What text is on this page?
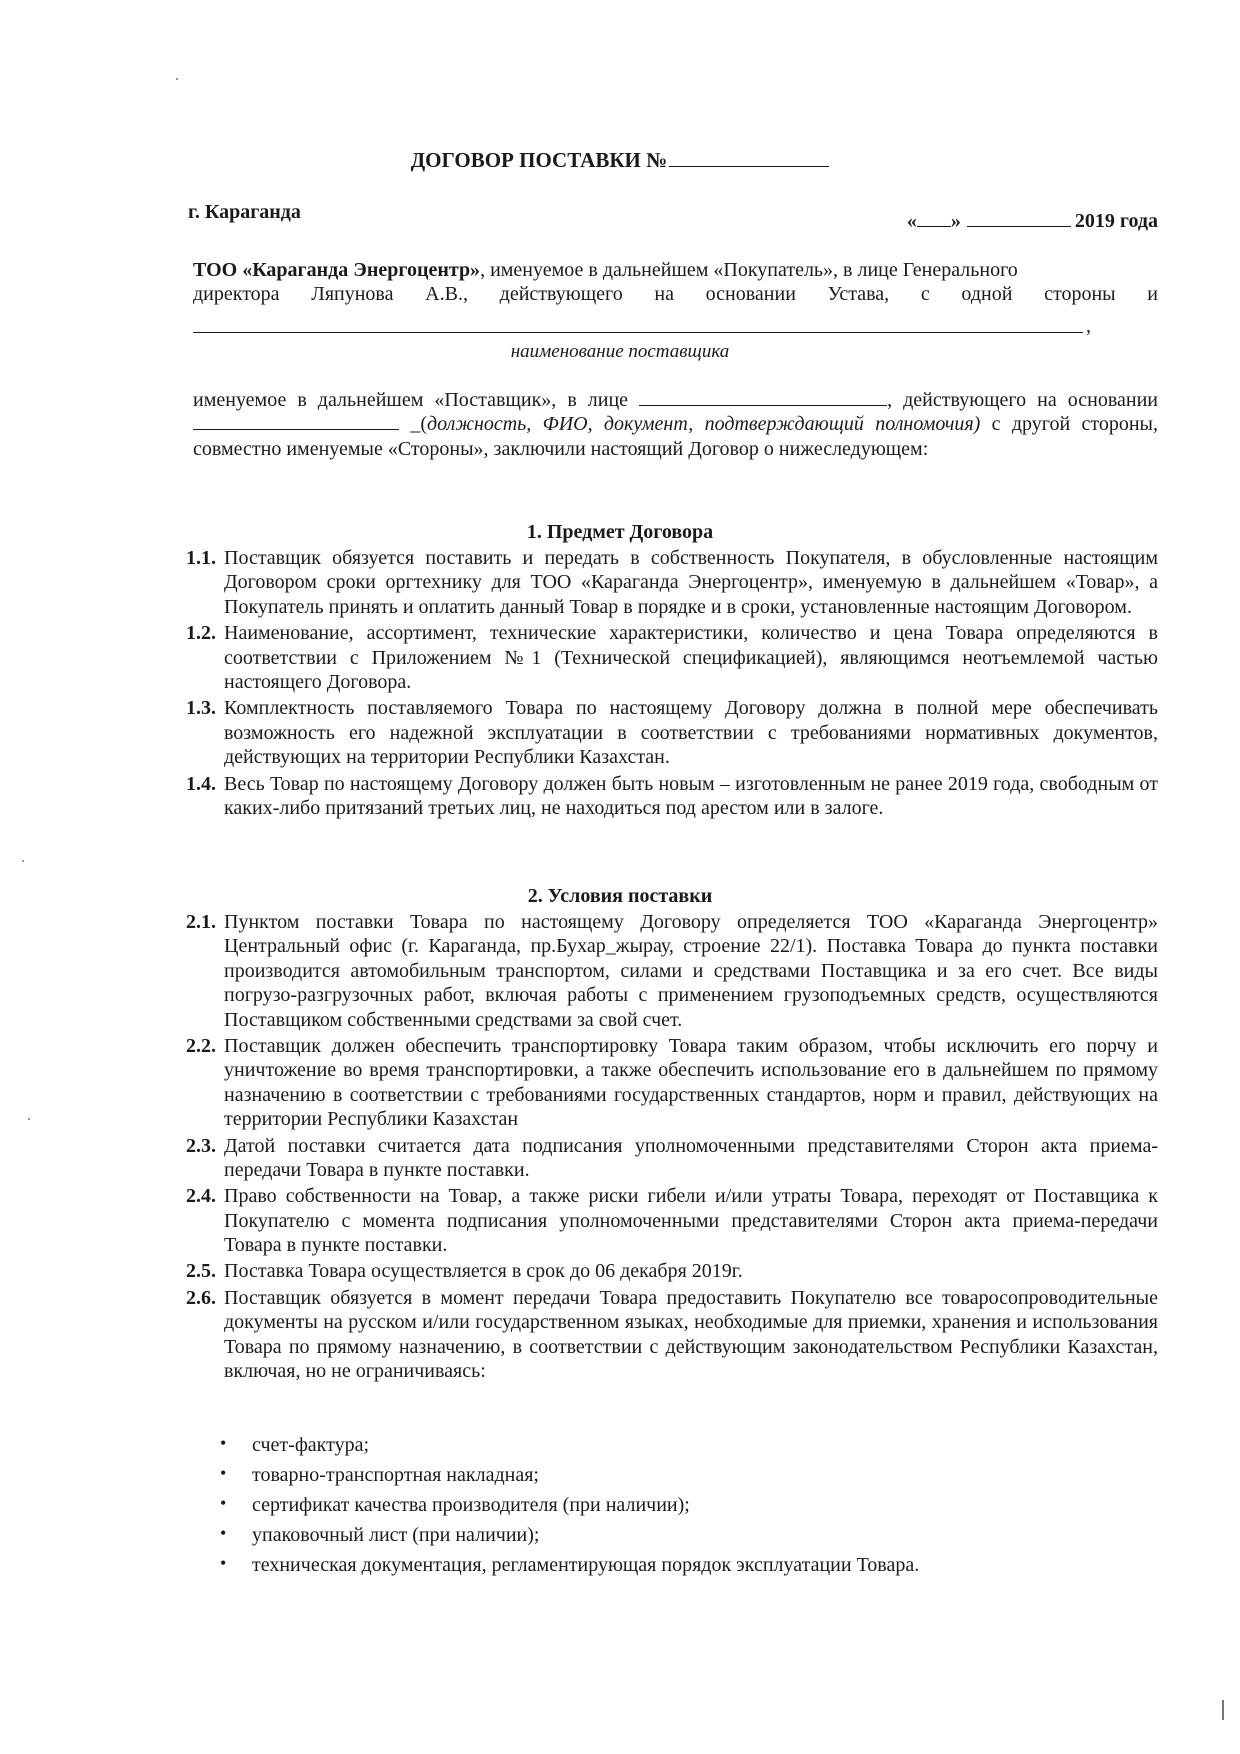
ДОГОВОР ПОСТАВКИ №
г. Караганда	« »	2019 года
ТОО «Караганда Энергоцентр», именуемое в дальнейшем «Покупатель», в лице Генерального
директора Ляпунова А.В., действующего на основании Устава, с одной стороны и
,
наименование поставщика
именуемое в дальнейшем «Поставщик», в лице	, действующего на основании  _(должность, ФИО, документ, подтверждающий полномочия) с другой стороны, совместно именуемые «Стороны», заключили настоящий Договор о нижеследующем:
1. Предмет Договора
1.1. Поставщик обязуется поставить и передать в собственность Покупателя, в обусловленные настоящим Договором сроки оргтехнику для ТОО «Караганда Энергоцентр», именуемую в дальнейшем «Товар», а Покупатель принять и оплатить данный Товар в порядке и в сроки, установленные настоящим Договором.
1.2. Наименование, ассортимент, технические характеристики, количество и цена Товара определяются в соответствии с Приложением №1 (Технической спецификацией), являющимся неотъемлемой частью настоящего Договора.
1.3. Комплектность поставляемого Товара по настоящему Договору должна в полной мере обеспечивать возможность его надежной эксплуатации в соответствии с требованиями нормативных документов, действующих на территории Республики Казахстан.
1.4. Весь Товар по настоящему Договору должен быть новым – изготовленным не ранее 2019 года, свободным от каких-либо притязаний третьих лиц, не находиться под арестом или в залоге.
2. Условия поставки
2.1. Пунктом поставки Товара по настоящему Договору определяется ТОО «Караганда Энергоцентр» Центральный офис (г. Караганда, пр.Бухар_жырау, строение 22/1). Поставка Товара до пункта поставки производится автомобильным транспортом, силами и средствами Поставщика и за его счет. Все виды погрузо-разгрузочных работ, включая работы с применением грузоподъемных средств, осуществляются Поставщиком собственными средствами за свой счет.
2.2. Поставщик должен обеспечить транспортировку Товара таким образом, чтобы исключить его порчу и уничтожение во время транспортировки, а также обеспечить использование его в дальнейшем по прямому назначению в соответствии с требованиями государственных стандартов, норм и правил, действующих на территории Республики Казахстан
2.3. Датой поставки считается дата подписания уполномоченными представителями Сторон акта приема-передачи Товара в пункте поставки.
2.4. Право собственности на Товар, а также риски гибели и/или утраты Товара, переходят от Поставщика к Покупателю с момента подписания уполномоченными представителями Сторон акта приема-передачи Товара в пункте поставки.
2.5. Поставка Товара осуществляется в срок до 06 декабря 2019г.
2.6. Поставщик обязуется в момент передачи Товара предоставить Покупателю все товаросопроводительные документы на русском и/или государственном языках, необходимые для приемки, хранения и использования Товара по прямому назначению, в соответствии с действующим законодательством Республики Казахстан, включая, но не ограничиваясь:
•	счет-фактура;
•	товарно-транспортная накладная;
•	сертификат качества производителя (при наличии);
•	упаковочный лист (при наличии);
•	техническая документация, регламентирующая порядок эксплуатации Товара.
